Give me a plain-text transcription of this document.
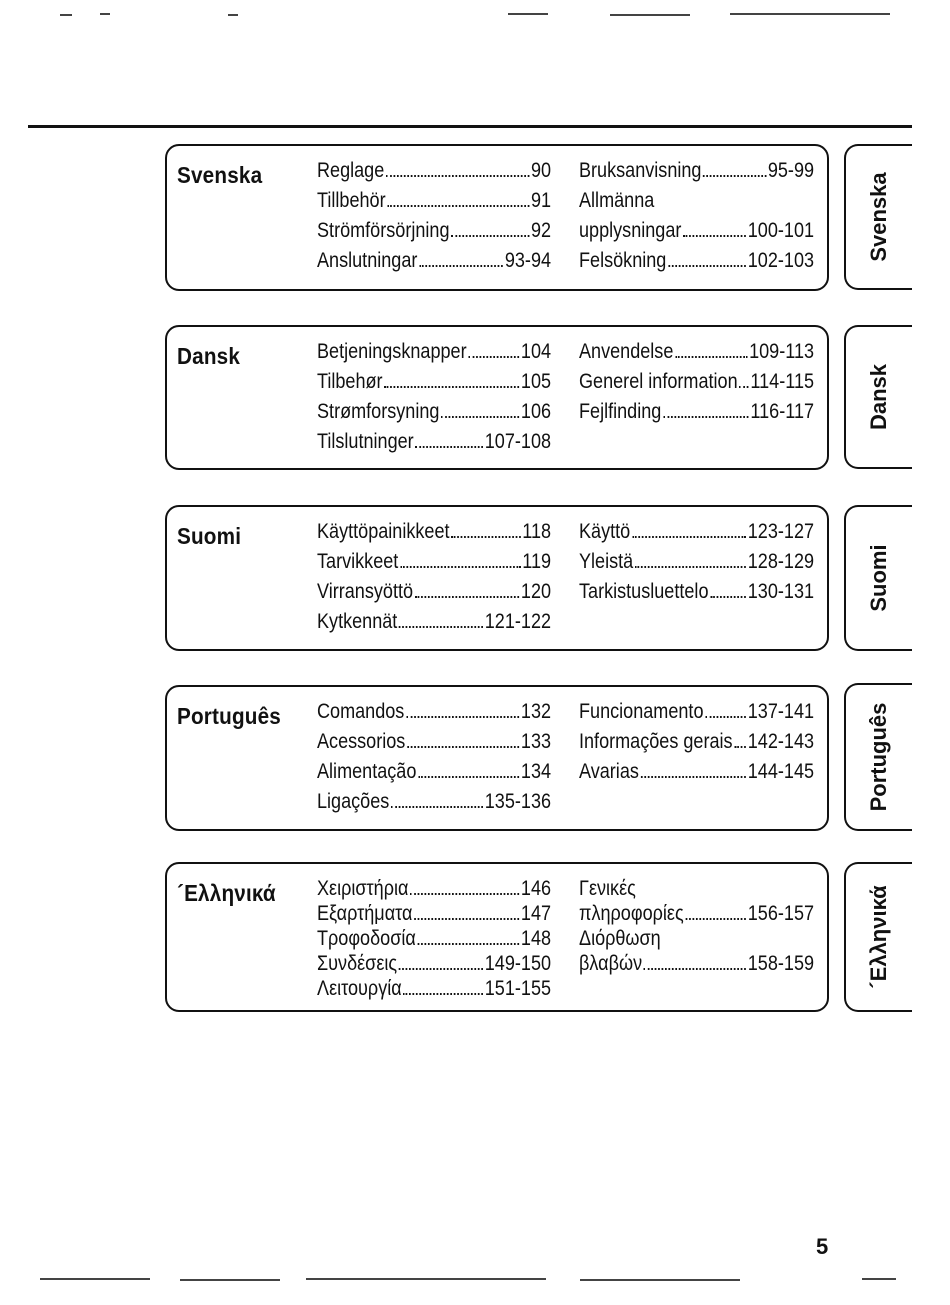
Svenska	Reglage	90
Tillbehör	91
Strömförsörjning	92
Anslutningar	93-94
Bruksanvisning	95-99
Allmänna
upplysningar	100-101
Felsökning	102-103
Dansk	Betjeningsknapper	104
Tilbehør	105
Strømforsyning	106
Tilslutninger	107-108
Anvendelse	109-113
Generel information 114-115
Fejlfinding	116-117
Suomi	Käyttöpainikkeet	118
Tarvikkeet	119
Virransyöttö	120
Kytkennät	121-122
Käyttö	123-127
Yleistä	128-129
Tarkistusluettelo 130-131
Português Comandos	132
Acessorios	133
Alimentação	134
Ligações	135-136
Funcionamento 137-141
Informações gerais 142-143
Avarias	144-145
´Ελληνικά Χειριστήρια	146
Εξαρτήματα	147
Τροφοδοσία	148
Συνδέσεις	149-150
Λειτουργία	151-155
Γενικές
πληροφορίες	156-157
Διόρθωση
βλαβών	158-159
Svenska
Dansk
Suomi
Português
´Ελληνικά
5
